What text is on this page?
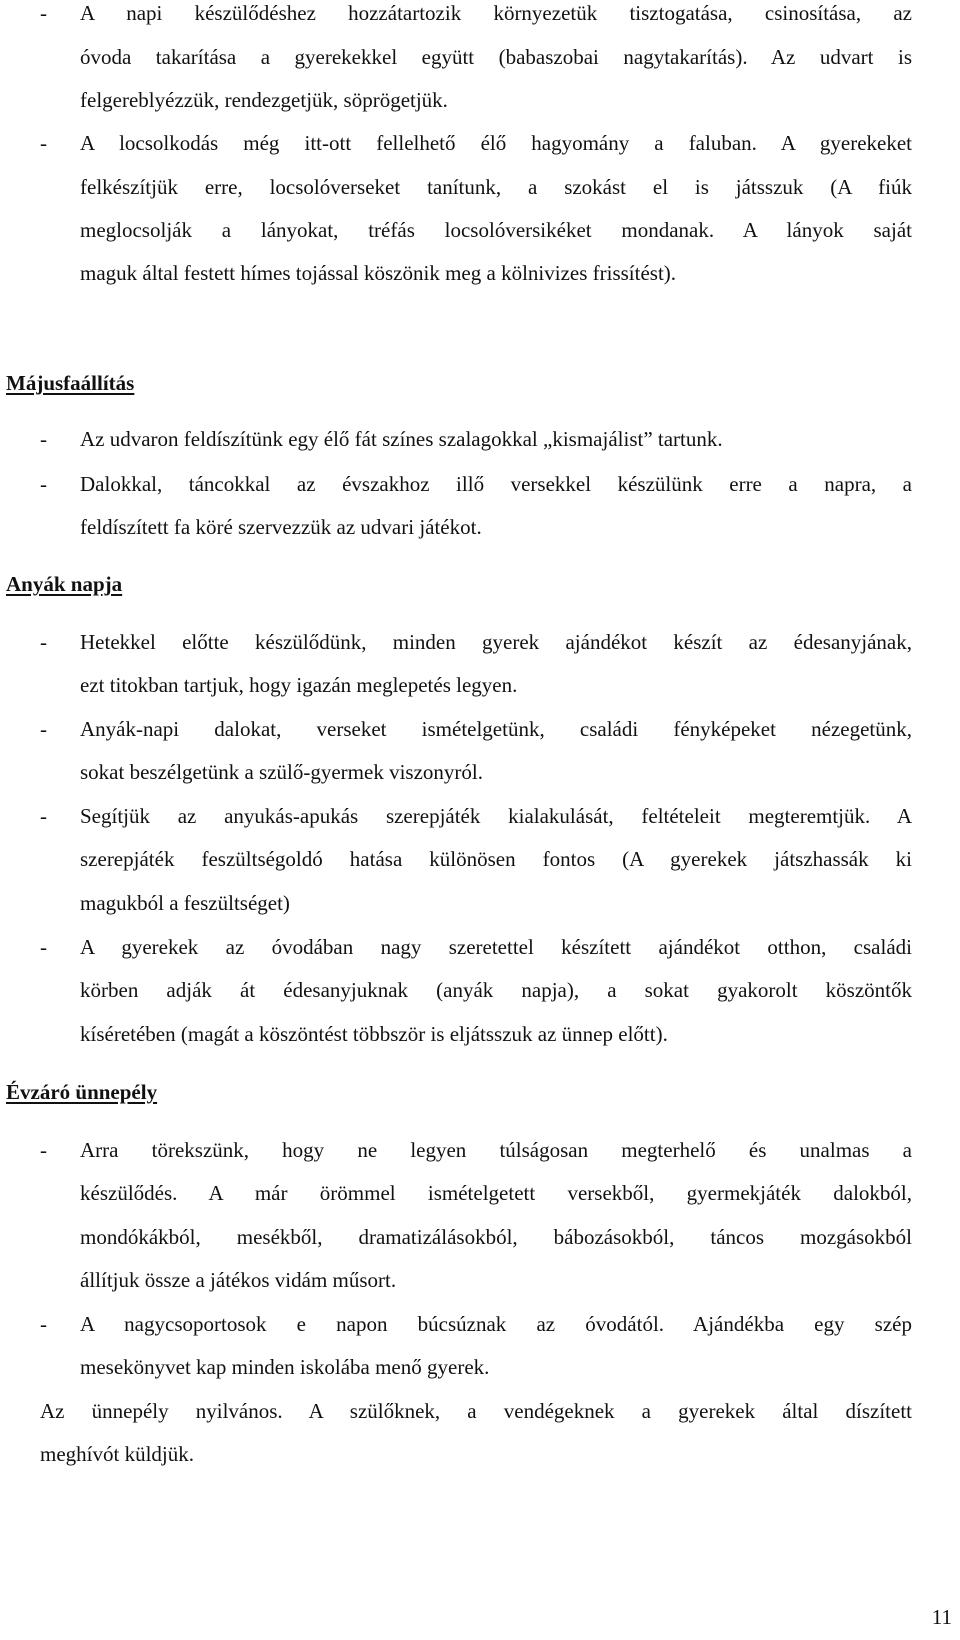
- A napi készülődéshez hozzátartozik környezetük tisztogatása, csinosítása, az
óvoda takarítása a gyerekekkel együtt (babaszobai nagytakarítás). Az udvart is
felgereblyézzük, rendezgetjük, söprögetjük.
- A locsolkodás még itt-ott fellelhető élő hagyomány a faluban. A gyerekeket
felkészítjük erre, locsolóverseket tanítunk, a szokást el is játsszuk (A fiúk
meglocsolják a lányokat, tréfás locsolóversikéket mondanak. A lányok saját
maguk által festett hímes tojással köszönik meg a kölnivizes frissítést).
Májusfaállítás
- Az udvaron feldíszítünk egy élő fát színes szalagokkal „kismajálist” tartunk.
- Dalokkal, táncokkal az évszakhoz illő versekkel készülünk erre a napra, a
feldíszített fa köré szervezzük az udvari játékot.
Anyák napja
- Hetekkel előtte készülődünk, minden gyerek ajándékot készít az édesanyjának,
ezt titokban tartjuk, hogy igazán meglepetés legyen.
- Anyák-napi dalokat, verseket ismételgetünk, családi fényképeket nézegetünk,
sokat beszélgetünk a szülő-gyermek viszonyról.
- Segítjük az anyukás-apukás szerepjáték kialakulását, feltételeit megteremtjük. A
szerepjáték feszültségoldó hatása különösen fontos (A gyerekek játszhassák ki
magukból a feszültséget)
- A gyerekek az óvodában nagy szeretettel készített ajándékot otthon, családi
körben adják át édesanyjuknak (anyák napja), a sokat gyakorolt köszöntők
kíséretében (magát a köszöntést többször is eljátsszuk az ünnep előtt).
Évzáró ünnepély
- Arra törekszünk, hogy ne legyen túlságosan megterhelő és unalmas a
készülődés. A már örömmel ismételgetett versekből, gyermekjáték dalokból,
mondókákból, mesékből, dramatizálásokból, bábozásokból, táncos mozgásokból
állítjuk össze a játékos vidám műsort.
- A nagycsoportosok e napon búcsúznak az óvodától. Ajándékba egy szép
mesekönyvet kap minden iskolába menő gyerek.
Az ünnepély nyilvános. A szülőknek, a vendégeknek a gyerekek által díszített
meghívót küldjük.
11
